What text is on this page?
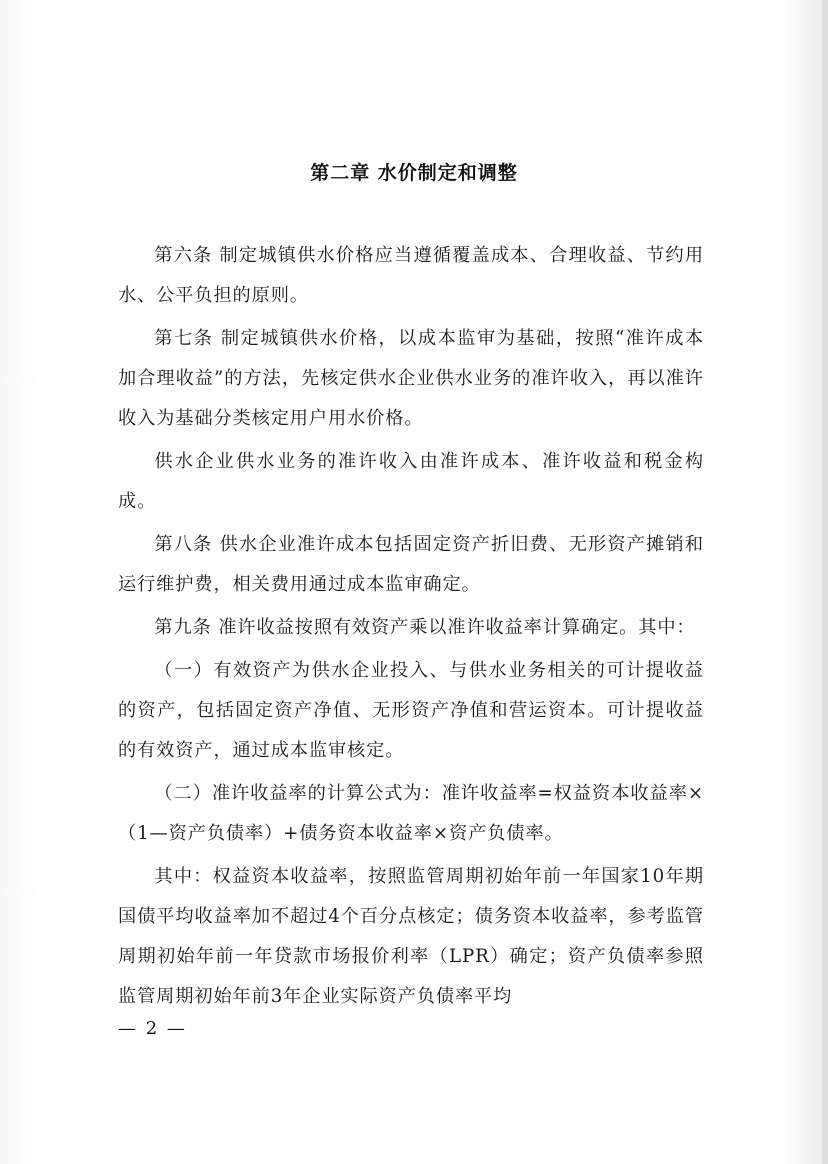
第二章 水价制定和调整

第六条 制定城镇供水价格应当遵循覆盖成本、合理收益、节约用水、公平负担的原则。

第七条 制定城镇供水价格，以成本监审为基础，按照“准许成本加合理收益”的方法，先核定供水企业供水业务的准许收入，再以准许收入为基础分类核定用户用水价格。

供水企业供水业务的准许收入由准许成本、准许收益和税金构成。

第八条 供水企业准许成本包括固定资产折旧费、无形资产摊销和运行维护费，相关费用通过成本监审确定。

第九条 准许收益按照有效资产乘以准许收益率计算确定。其中：

（一）有效资产为供水企业投入、与供水业务相关的可计提收益的资产，包括固定资产净值、无形资产净值和营运资本。可计提收益的有效资产，通过成本监审核定。

（二）准许收益率的计算公式为：准许收益率=权益资本收益率×（1—资产负债率）+债务资本收益率×资产负债率。

其中：权益资本收益率，按照监管周期初始年前一年国家10年期国债平均收益率加不超过4个百分点核定；债务资本收益率，参考监管周期初始年前一年贷款市场报价利率（LPR）确定；资产负债率参照监管周期初始年前3年企业实际资产负债率平均

— 2 —
